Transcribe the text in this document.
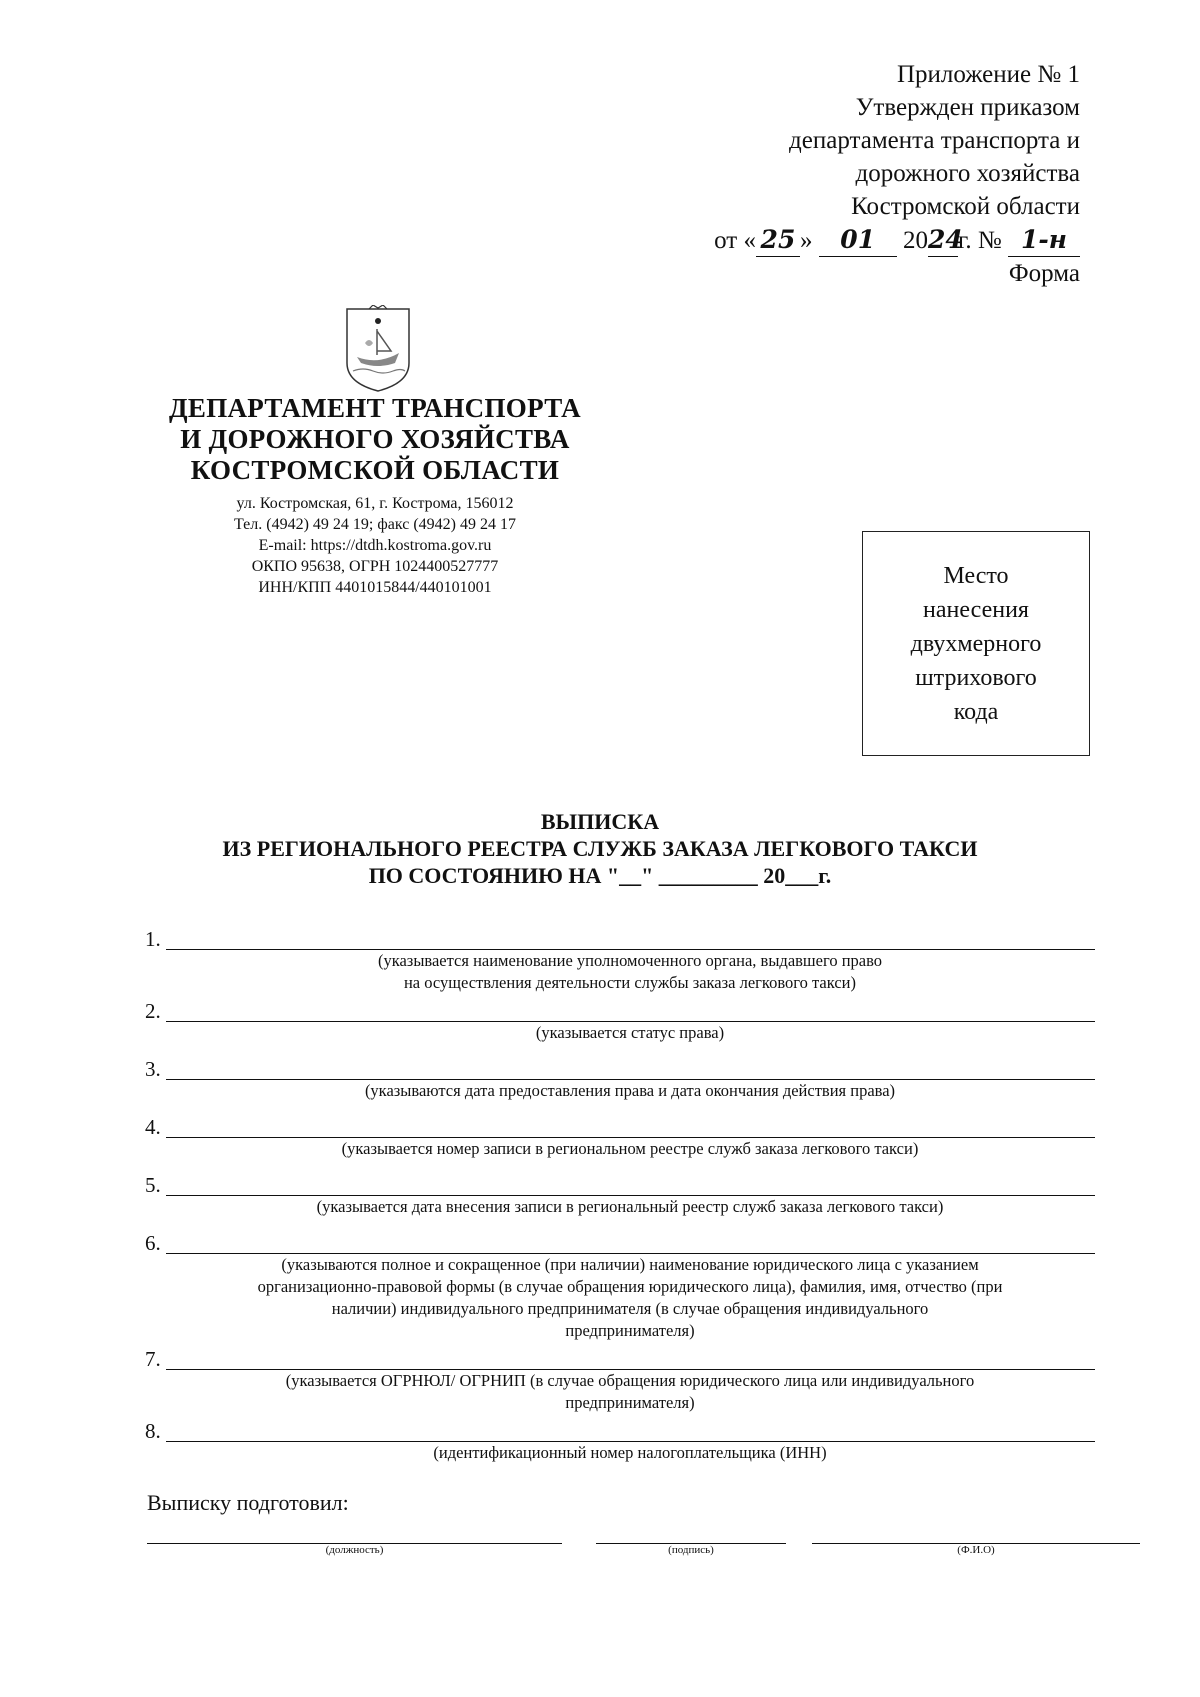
Приложение № 1
Утвержден приказом
департамента транспорта и
дорожного хозяйства
Костромской области
от « 25 » 01 2024г. № 1-н
Форма
ДЕПАРТАМЕНТ ТРАНСПОРТА
И ДОРОЖНОГО ХОЗЯЙСТВА
КОСТРОМСКОЙ ОБЛАСТИ
ул. Костромская, 61, г. Кострома, 156012
Тел. (4942) 49 24 19; факс (4942) 49 24 17
E-mail: https://dtdh.kostroma.gov.ru
ОКПО 95638, ОГРН 1024400527777
ИНН/КПП 4401015844/440101001	Место
нанесения
двухмерного
штрихового
кода
ВЫПИСКА
ИЗ РЕГИОНАЛЬНОГО РЕЕСТРА СЛУЖБ ЗАКАЗА ЛЕГКОВОГО ТАКСИ
ПО СОСТОЯНИЮ НА "__" _________ 20___г.
1.
(указывается наименование уполномоченного органа, выдавшего право
на осуществления деятельности службы заказа легкового такси)
2.
(указывается статус права)
3.
(указываются дата предоставления права и дата окончания действия права)
4.
(указывается номер записи в региональном реестре служб заказа легкового такси)
5.
(указывается дата внесения записи в региональный реестр служб заказа легкового такси)
6.
(указываются полное и сокращенное (при наличии) наименование юридического лица с указанием
организационно-правовой формы (в случае обращения юридического лица), фамилия, имя, отчество (при
наличии) индивидуального предпринимателя (в случае обращения индивидуального
предпринимателя)
7.
(указывается ОГРНЮЛ/ ОГРНИП (в случае обращения юридического лица или индивидуального
предпринимателя)
8.
(идентификационный номер налогоплательщика (ИНН)
Выписку подготовил:
(должность)	(подпись)	(Ф.И.О)
